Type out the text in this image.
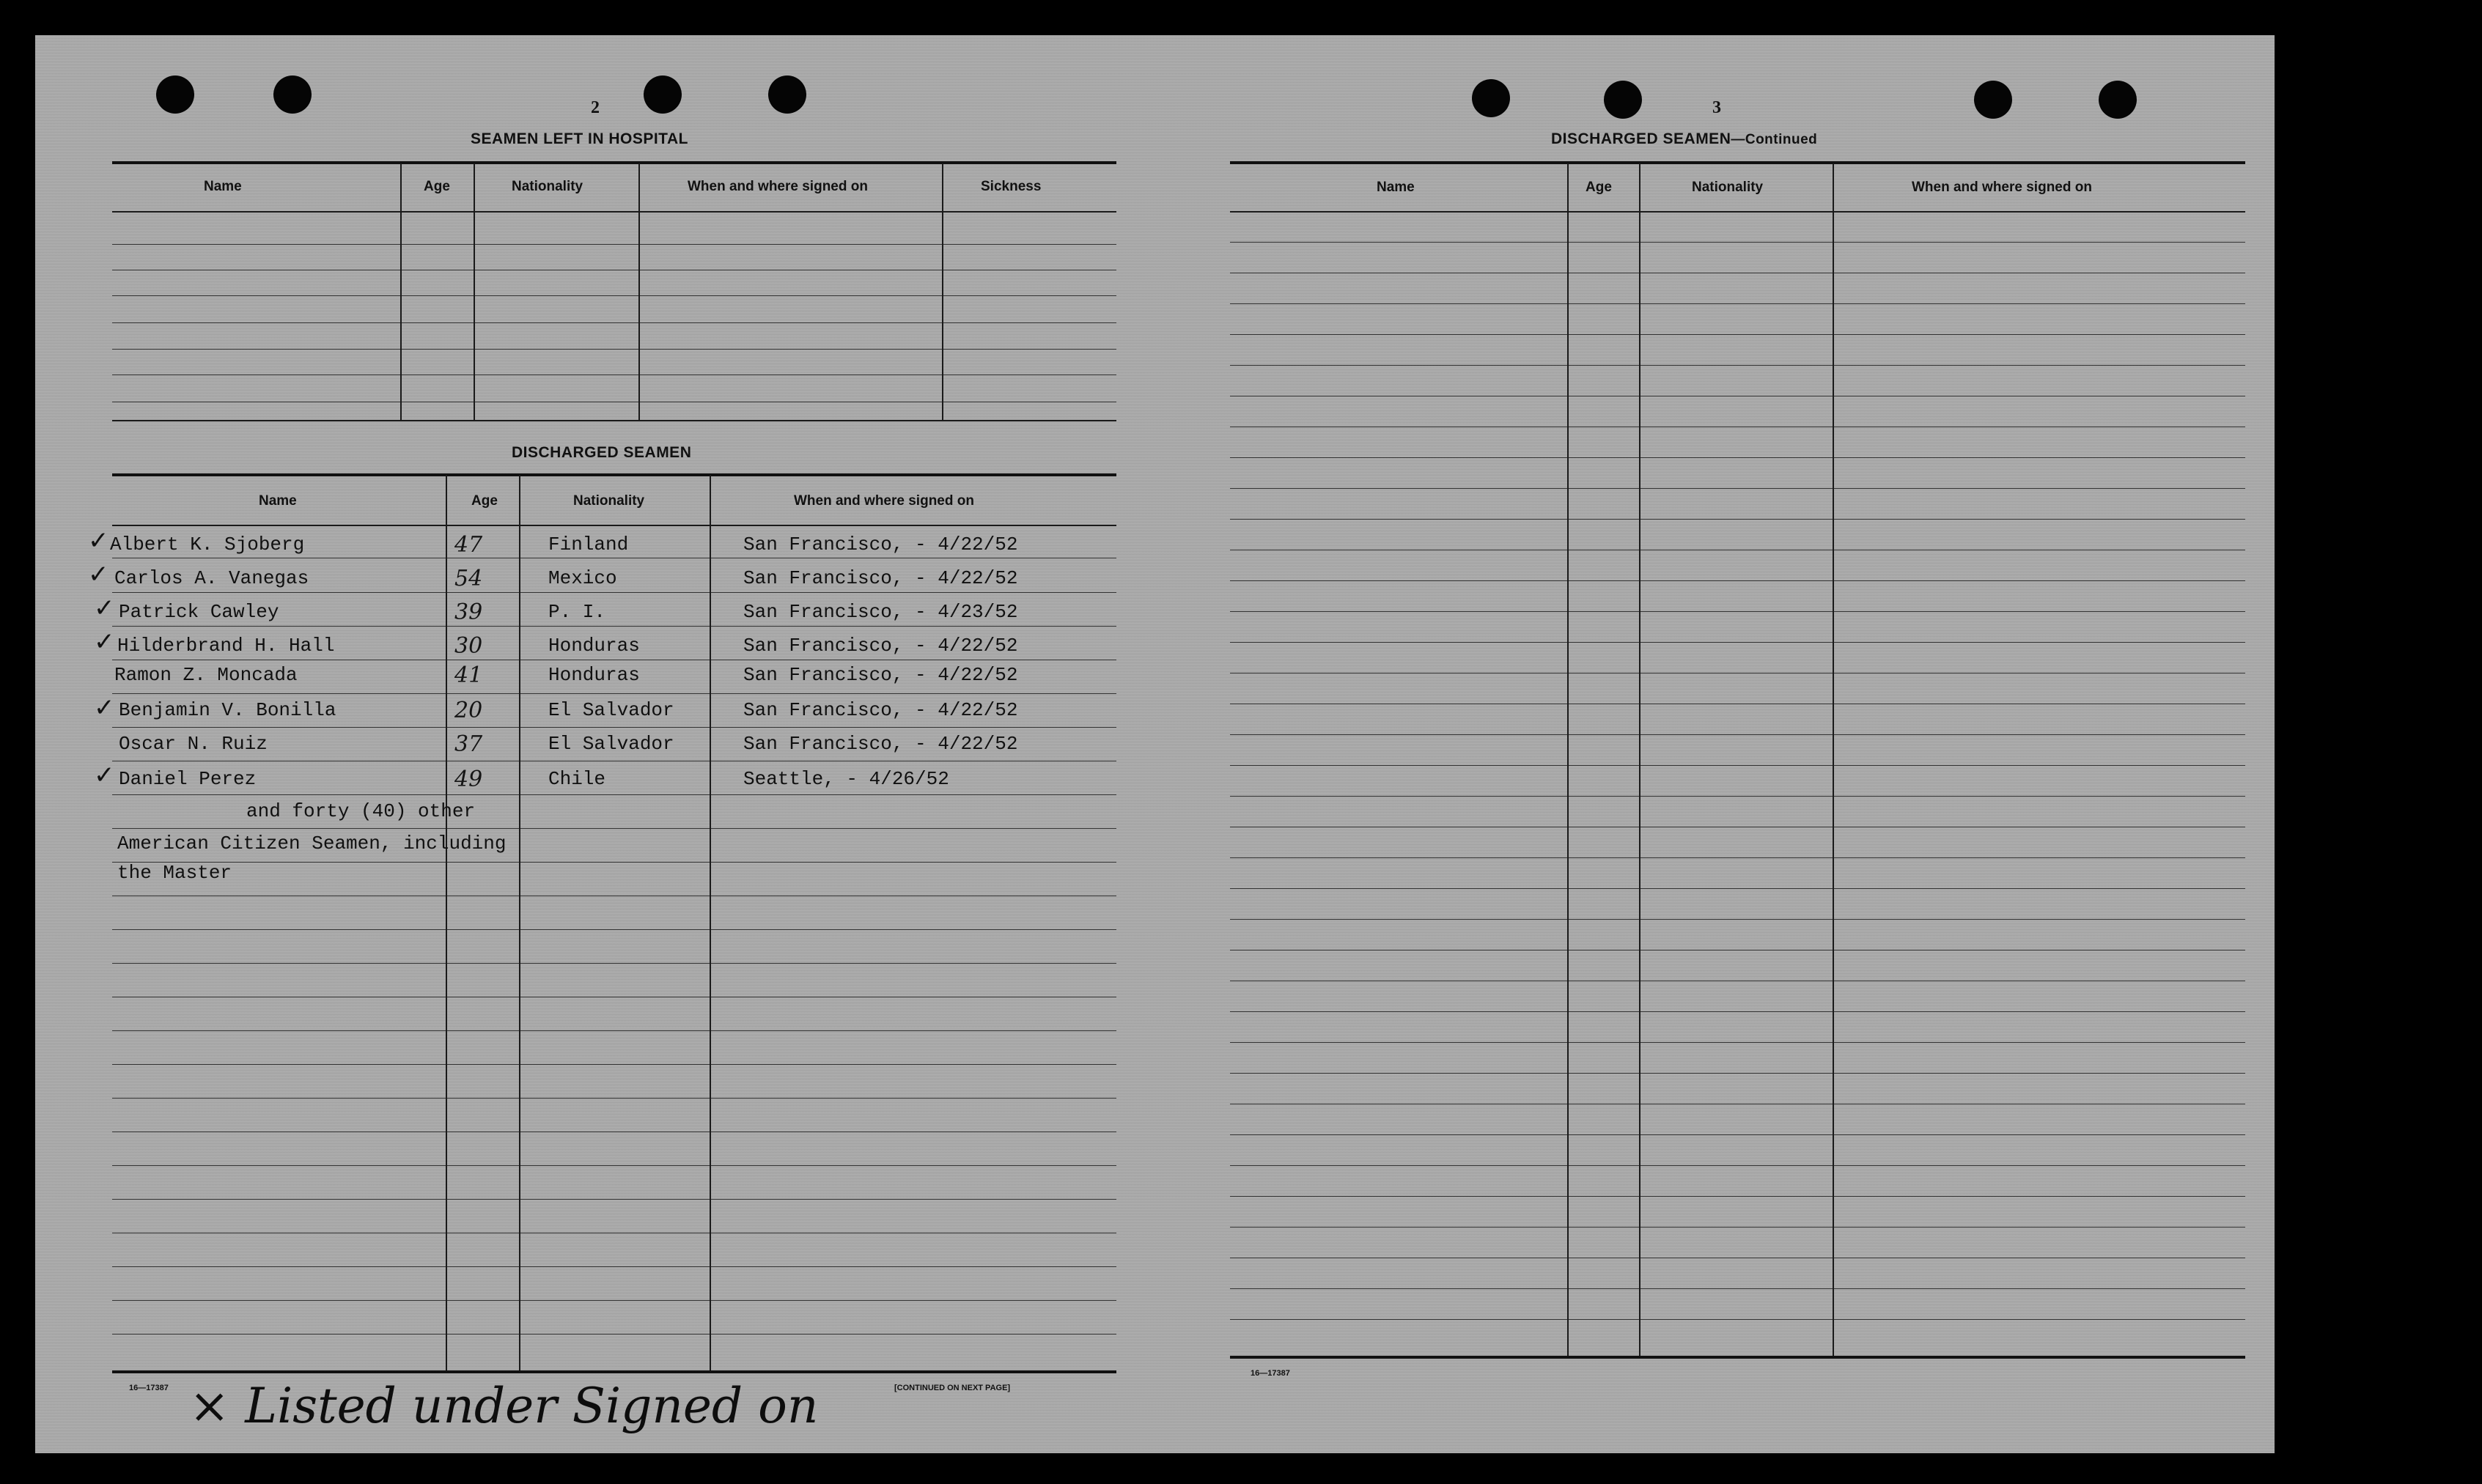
2
SEAMEN LEFT IN HOSPITAL
Name	Age	Nationality	When and where signed on	Sickness
DISCHARGED SEAMEN
Name	Age	Nationality	When and where signed on
✓ Albert K. Sjoberg	47	Finland	San Francisco, - 4/22/52
✓ Carlos A. Vanegas	54	Mexico	San Francisco, - 4/22/52
✓ Patrick Cawley	39	P. I.	San Francisco, - 4/23/52
✓ Hilderbrand H. Hall	30	Honduras	San Francisco, - 4/22/52
Ramon Z. Moncada	41	Honduras	San Francisco, - 4/22/52
✓ Benjamin V. Bonilla	20	El Salvador	San Francisco, - 4/22/52
Oscar N. Ruiz	37	El Salvador	San Francisco, - 4/22/52
✓ Daniel Perez	49	Chile	Seattle, - 4/26/52
and forty (40) other
American Citizen Seamen, including
the Master
16—17387	[CONTINUED ON NEXT PAGE]
× Listed under Signed on
3
DISCHARGED SEAMEN—Continued
Name	Age	Nationality	When and where signed on
16—17387
